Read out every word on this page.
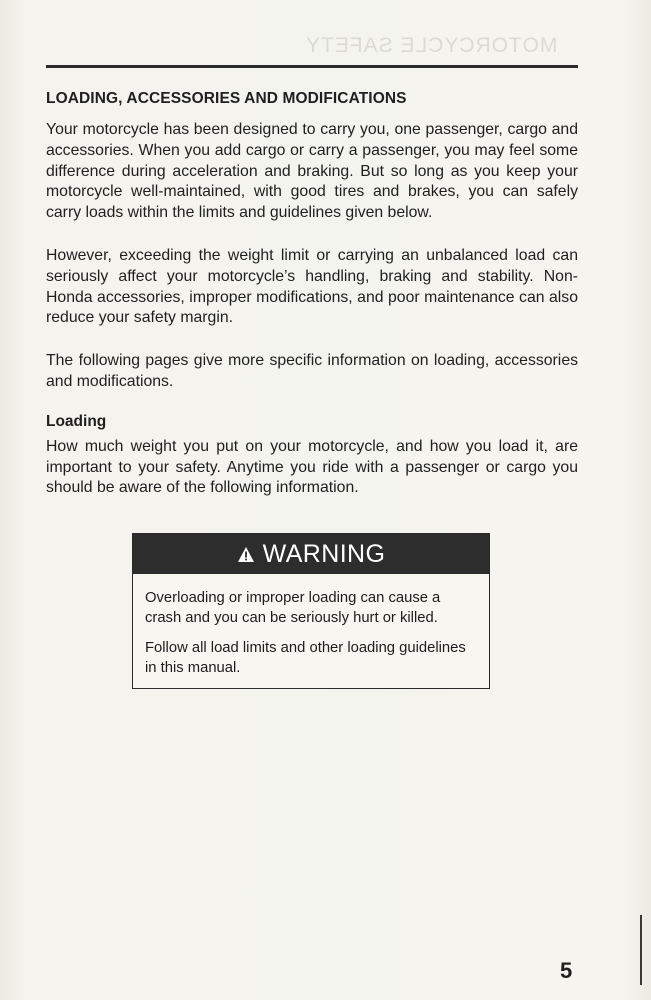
MOTORCYCLE SAFETY
LOADING, ACCESSORIES AND MODIFICATIONS

Your motorcycle has been designed to carry you, one passenger, cargo and accessories. When you add cargo or carry a passenger, you may feel some difference during acceleration and braking. But so long as you keep your motorcycle well-maintained, with good tires and brakes, you can safely carry loads within the limits and guidelines given below.

However, exceeding the weight limit or carrying an unbalanced load can seriously affect your motorcycle’s handling, braking and stability. Non-Honda accessories, improper modifications, and poor maintenance can also reduce your safety margin.

The following pages give more specific information on loading, accessories and modifications.

Loading

How much weight you put on your motorcycle, and how you load it, are important to your safety. Anytime you ride with a passenger or cargo you should be aware of the following information.

WARNING

Overloading or improper loading can cause a crash and you can be seriously hurt or killed.

Follow all load limits and other loading guidelines in this manual.

5
